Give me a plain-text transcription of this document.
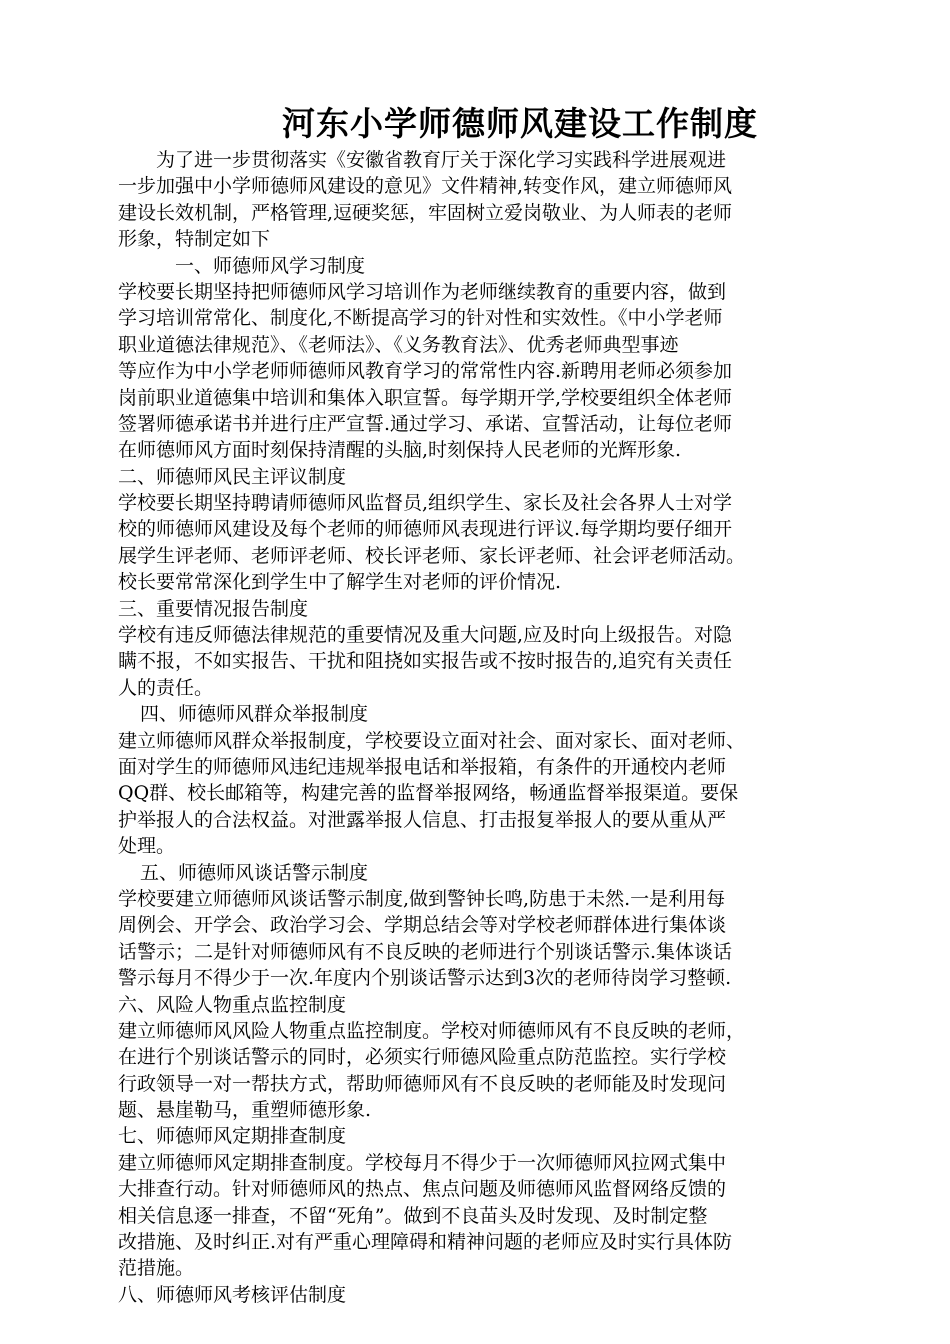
河东小学师德师风建设工作制度
为了进一步贯彻落实《安徽省教育厅关于深化学习实践科学进展观进
一步加强中小学师德师风建设的意见》文件精神,转变作风，建立师德师风
建设长效机制，严格管理,逗硬奖惩，牢固树立爱岗敬业、为人师表的老师
形象，特制定如下
一、师德师风学习制度
学校要长期坚持把师德师风学习培训作为老师继续教育的重要内容，做到
学习培训常常化、制度化,不断提高学习的针对性和实效性。《中小学老师
职业道德法律规范》、《老师法》、《义务教育法》、优秀老师典型事迹
等应作为中小学老师师德师风教育学习的常常性内容.新聘用老师必须参加
岗前职业道德集中培训和集体入职宣誓。每学期开学,学校要组织全体老师
签署师德承诺书并进行庄严宣誓.通过学习、承诺、宣誓活动，让每位老师
在师德师风方面时刻保持清醒的头脑,时刻保持人民老师的光辉形象.
二、师德师风民主评议制度
学校要长期坚持聘请师德师风监督员,组织学生、家长及社会各界人士对学
校的师德师风建设及每个老师的师德师风表现进行评议.每学期均要仔细开
展学生评老师、老师评老师、校长评老师、家长评老师、社会评老师活动。
校长要常常深化到学生中了解学生对老师的评价情况.
三、重要情况报告制度
学校有违反师德法律规范的重要情况及重大问题,应及时向上级报告。对隐
瞒不报，不如实报告、干扰和阻挠如实报告或不按时报告的,追究有关责任
人的责任。
四、师德师风群众举报制度
建立师德师风群众举报制度，学校要设立面对社会、面对家长、面对老师、
面对学生的师德师风违纪违规举报电话和举报箱，有条件的开通校内老师
QQ群、校长邮箱等，构建完善的监督举报网络，畅通监督举报渠道。要保
护举报人的合法权益。对泄露举报人信息、打击报复举报人的要从重从严
处理。
五、师德师风谈话警示制度
学校要建立师德师风谈话警示制度,做到警钟长鸣,防患于未然.一是利用每
周例会、开学会、政治学习会、学期总结会等对学校老师群体进行集体谈
话警示；二是针对师德师风有不良反映的老师进行个别谈话警示.集体谈话
警示每月不得少于一次.年度内个别谈话警示达到3次的老师待岗学习整顿.
六、风险人物重点监控制度
建立师德师风风险人物重点监控制度。学校对师德师风有不良反映的老师，
在进行个别谈话警示的同时，必须实行师德风险重点防范监控。实行学校
行政领导一对一帮扶方式，帮助师德师风有不良反映的老师能及时发现问
题、悬崖勒马，重塑师德形象.
七、师德师风定期排查制度
建立师德师风定期排查制度。学校每月不得少于一次师德师风拉网式集中
大排查行动。针对师德师风的热点、焦点问题及师德师风监督网络反馈的
相关信息逐一排查，不留“死角”。做到不良苗头及时发现、及时制定整
改措施、及时纠正.对有严重心理障碍和精神问题的老师应及时实行具体防
范措施。
八、师德师风考核评估制度
